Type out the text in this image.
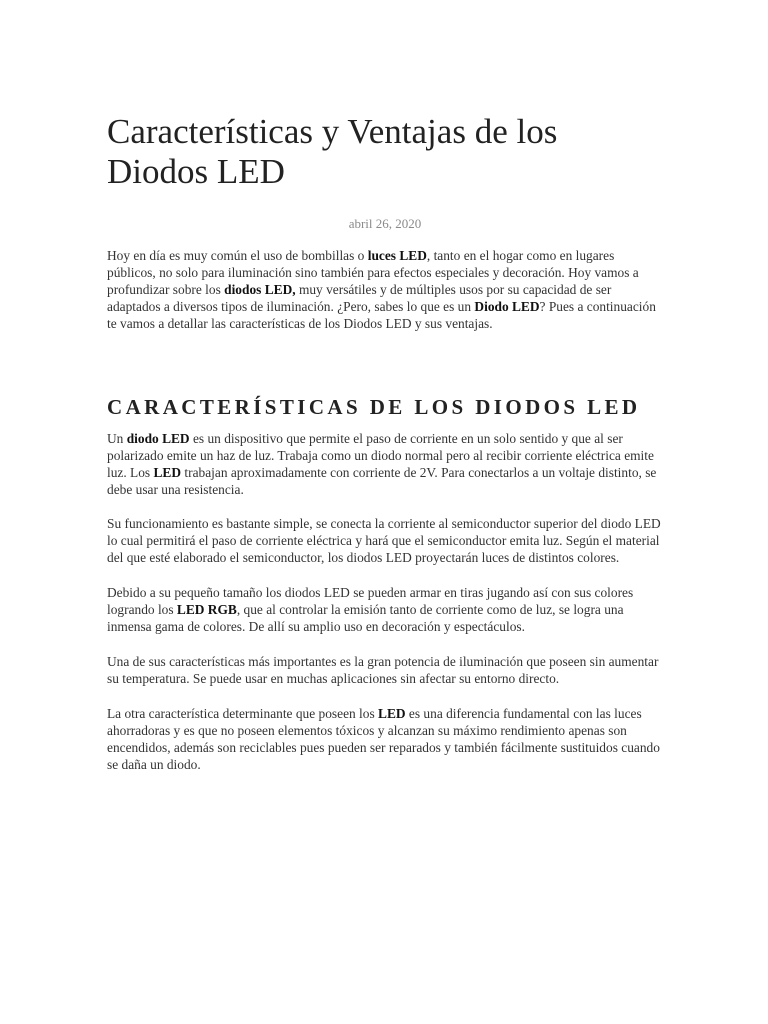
Características y Ventajas de los Diodos LED
abril 26, 2020

Hoy en día es muy común el uso de bombillas o luces LED, tanto en el hogar como en lugares públicos, no solo para iluminación sino también para efectos especiales y decoración. Hoy vamos a profundizar sobre los diodos LED, muy versátiles y de múltiples usos por su capacidad de ser adaptados a diversos tipos de iluminación. ¿Pero, sabes lo que es un Diodo LED? Pues a continuación te vamos a detallar las características de los Diodos LED y sus ventajas.

CARACTERÍSTICAS DE LOS DIODOS LED

Un diodo LED es un dispositivo que permite el paso de corriente en un solo sentido y que al ser polarizado emite un haz de luz. Trabaja como un diodo normal pero al recibir corriente eléctrica emite luz. Los LED trabajan aproximadamente con corriente de 2V. Para conectarlos a un voltaje distinto, se debe usar una resistencia.

Su funcionamiento es bastante simple, se conecta la corriente al semiconductor superior del diodo LED lo cual permitirá el paso de corriente eléctrica y hará que el semiconductor emita luz. Según el material del que esté elaborado el semiconductor, los diodos LED proyectarán luces de distintos colores.

Debido a su pequeño tamaño los diodos LED se pueden armar en tiras jugando así con sus colores logrando los LED RGB, que al controlar la emisión tanto de corriente como de luz, se logra una inmensa gama de colores. De allí su amplio uso en decoración y espectáculos.

Una de sus características más importantes es la gran potencia de iluminación que poseen sin aumentar su temperatura. Se puede usar en muchas aplicaciones sin afectar su entorno directo.

La otra característica determinante que poseen los LED es una diferencia fundamental con las luces ahorradoras y es que no poseen elementos tóxicos y alcanzan su máximo rendimiento apenas son encendidos, además son reciclables pues pueden ser reparados y también fácilmente sustituidos cuando se daña un diodo.
